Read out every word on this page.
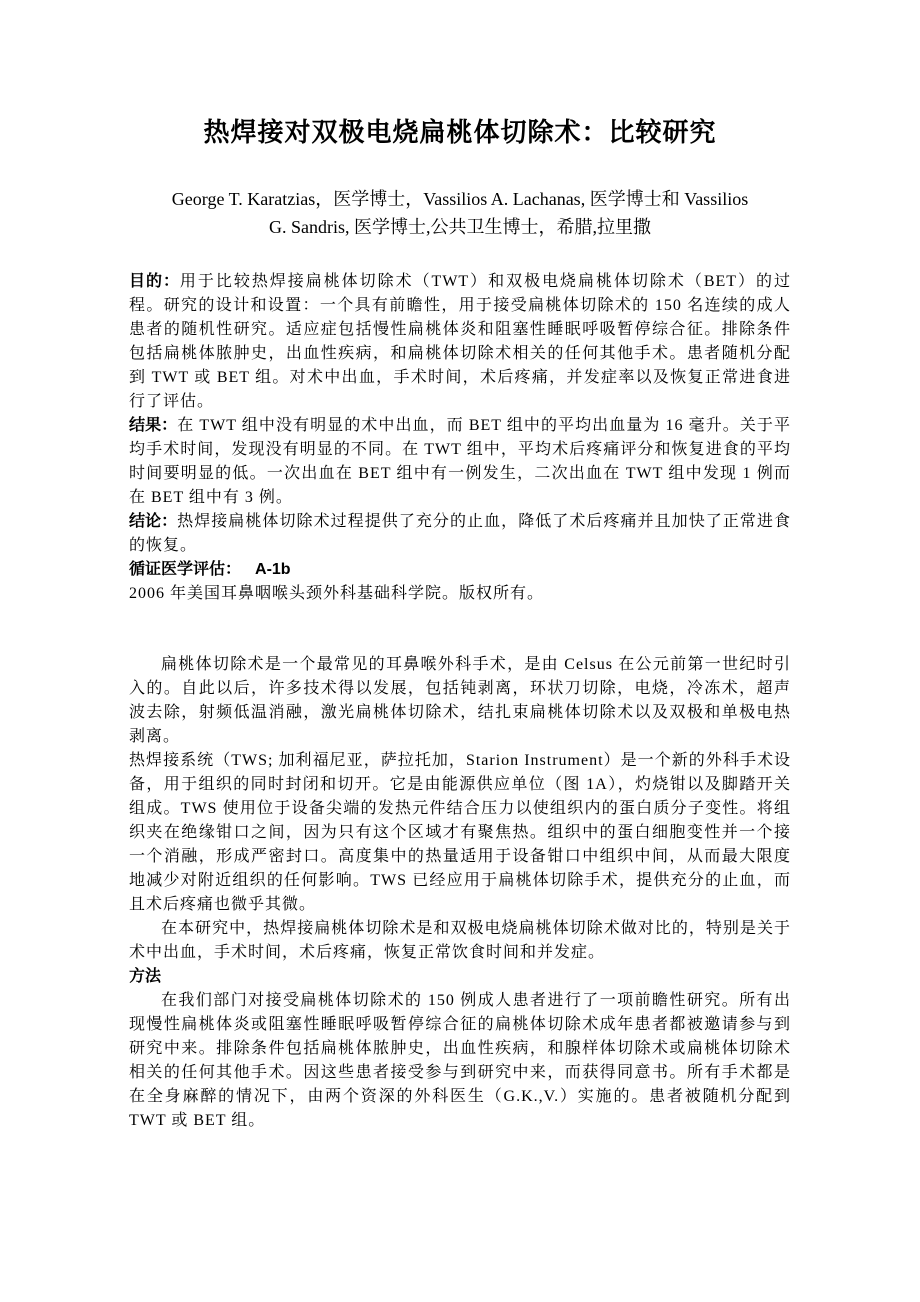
热焊接对双极电烧扁桃体切除术：比较研究
George T. Karatzias，医学博士，Vassilios A. Lachanas, 医学博士和 Vassilios
G. Sandris, 医学博士,公共卫生博士，希腊,拉里撒

目的：用于比较热焊接扁桃体切除术（TWT）和双极电烧扁桃体切除术（BET）的过程。研究的设计和设置：一个具有前瞻性，用于接受扁桃体切除术的 150 名连续的成人患者的随机性研究。适应症包括慢性扁桃体炎和阻塞性睡眠呼吸暂停综合征。排除条件包括扁桃体脓肿史，出血性疾病，和扁桃体切除术相关的任何其他手术。患者随机分配到 TWT 或 BET 组。对术中出血，手术时间，术后疼痛，并发症率以及恢复正常进食进行了评估。

结果：在 TWT 组中没有明显的术中出血，而 BET 组中的平均出血量为 16 毫升。关于平均手术时间，发现没有明显的不同。在 TWT 组中，平均术后疼痛评分和恢复进食的平均时间要明显的低。一次出血在 BET 组中有一例发生，二次出血在 TWT 组中发现 1 例而在 BET 组中有 3 例。

结论：热焊接扁桃体切除术过程提供了充分的止血，降低了术后疼痛并且加快了正常进食的恢复。

循证医学评估： A-1b

2006 年美国耳鼻咽喉头颈外科基础科学院。版权所有。

扁桃体切除术是一个最常见的耳鼻喉外科手术，是由 Celsus 在公元前第一世纪时引入的。自此以后，许多技术得以发展，包括钝剥离，环状刀切除，电烧，冷冻术，超声波去除，射频低温消融，激光扁桃体切除术，结扎束扁桃体切除术以及双极和单极电热剥离。

热焊接系统（TWS; 加利福尼亚，萨拉托加，Starion Instrument）是一个新的外科手术设备，用于组织的同时封闭和切开。它是由能源供应单位（图 1A），灼烧钳以及脚踏开关组成。TWS 使用位于设备尖端的发热元件结合压力以使组织内的蛋白质分子变性。将组织夹在绝缘钳口之间，因为只有这个区域才有聚焦热。组织中的蛋白细胞变性并一个接一个消融，形成严密封口。高度集中的热量适用于设备钳口中组织中间，从而最大限度地减少对附近组织的任何影响。TWS 已经应用于扁桃体切除手术，提供充分的止血，而且术后疼痛也微乎其微。

在本研究中，热焊接扁桃体切除术是和双极电烧扁桃体切除术做对比的，特别是关于术中出血，手术时间，术后疼痛，恢复正常饮食时间和并发症。

方法

在我们部门对接受扁桃体切除术的 150 例成人患者进行了一项前瞻性研究。所有出现慢性扁桃体炎或阻塞性睡眠呼吸暂停综合征的扁桃体切除术成年患者都被邀请参与到研究中来。排除条件包括扁桃体脓肿史，出血性疾病，和腺样体切除术或扁桃体切除术相关的任何其他手术。因这些患者接受参与到研究中来，而获得同意书。所有手术都是在全身麻醉的情况下，由两个资深的外科医生（G.K.,V.）实施的。患者被随机分配到 TWT 或 BET 组。
